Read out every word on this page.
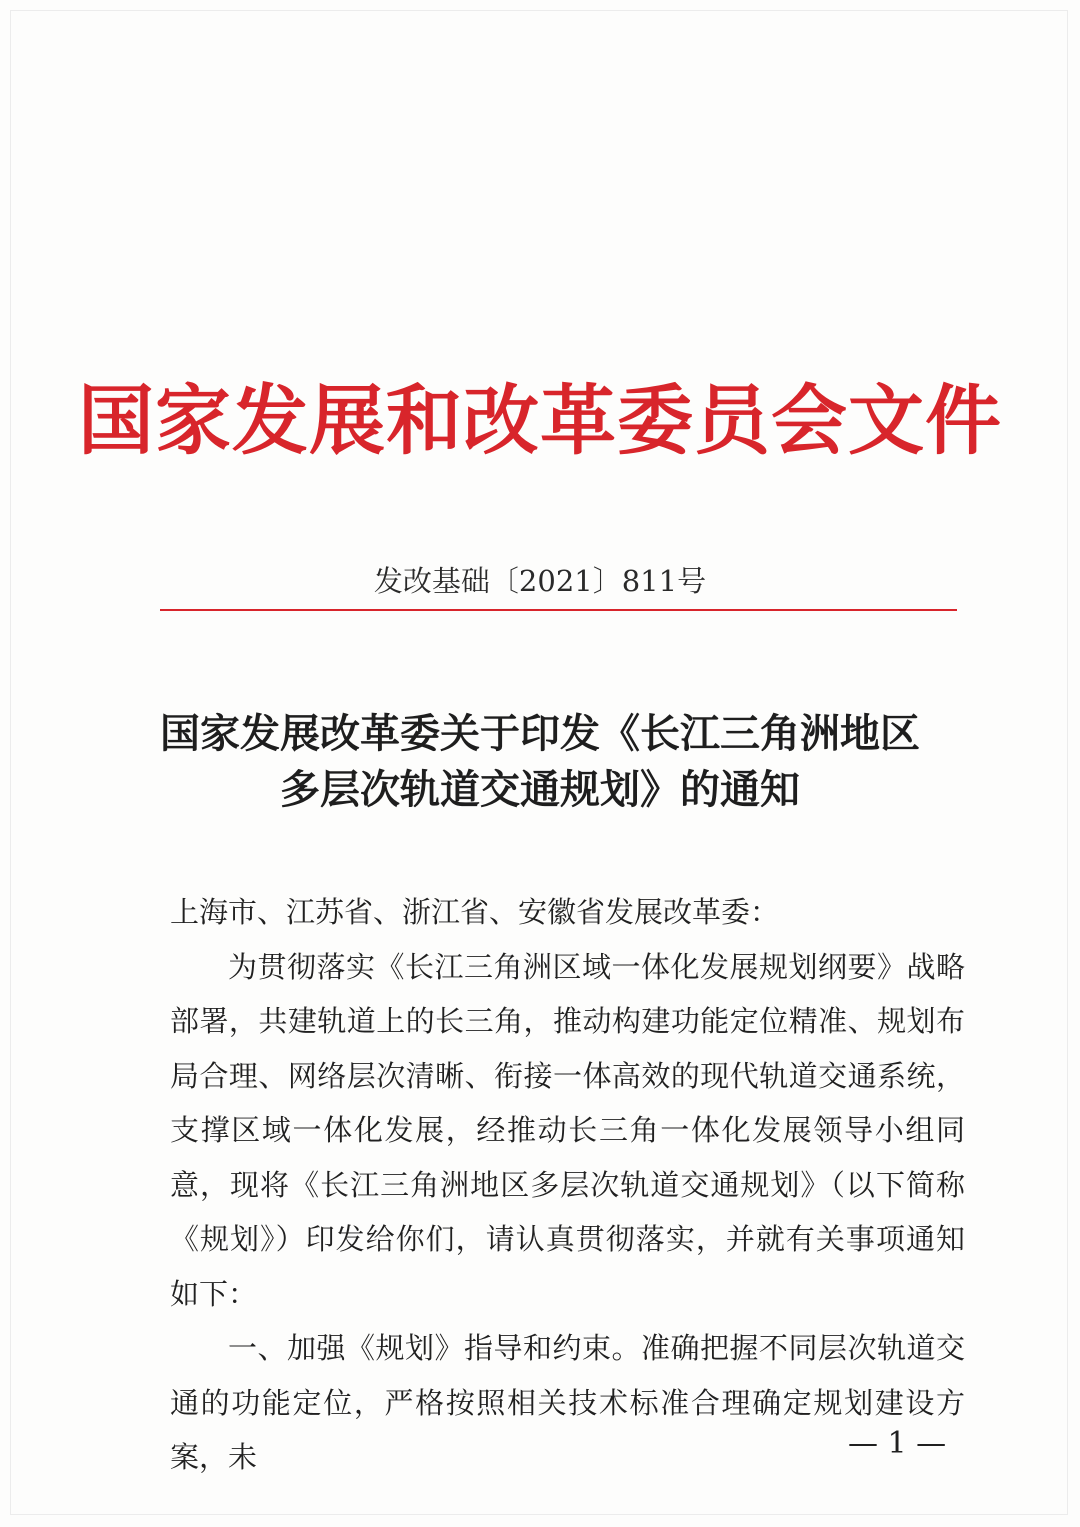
国家发展和改革委员会文件
发改基础〔2021〕811号
国家发展改革委关于印发《长江三角洲地区
多层次轨道交通规划》的通知

上海市、江苏省、浙江省、安徽省发展改革委：

为贯彻落实《长江三角洲区域一体化发展规划纲要》战略部署，共建轨道上的长三角，推动构建功能定位精准、规划布局合理、网络层次清晰、衔接一体高效的现代轨道交通系统，支撑区域一体化发展，经推动长三角一体化发展领导小组同意，现将《长江三角洲地区多层次轨道交通规划》（以下简称《规划》）印发给你们，请认真贯彻落实，并就有关事项通知如下：

一、加强《规划》指导和约束。准确把握不同层次轨道交通的功能定位，严格按照相关技术标准合理确定规划建设方案，未	— 1 —
